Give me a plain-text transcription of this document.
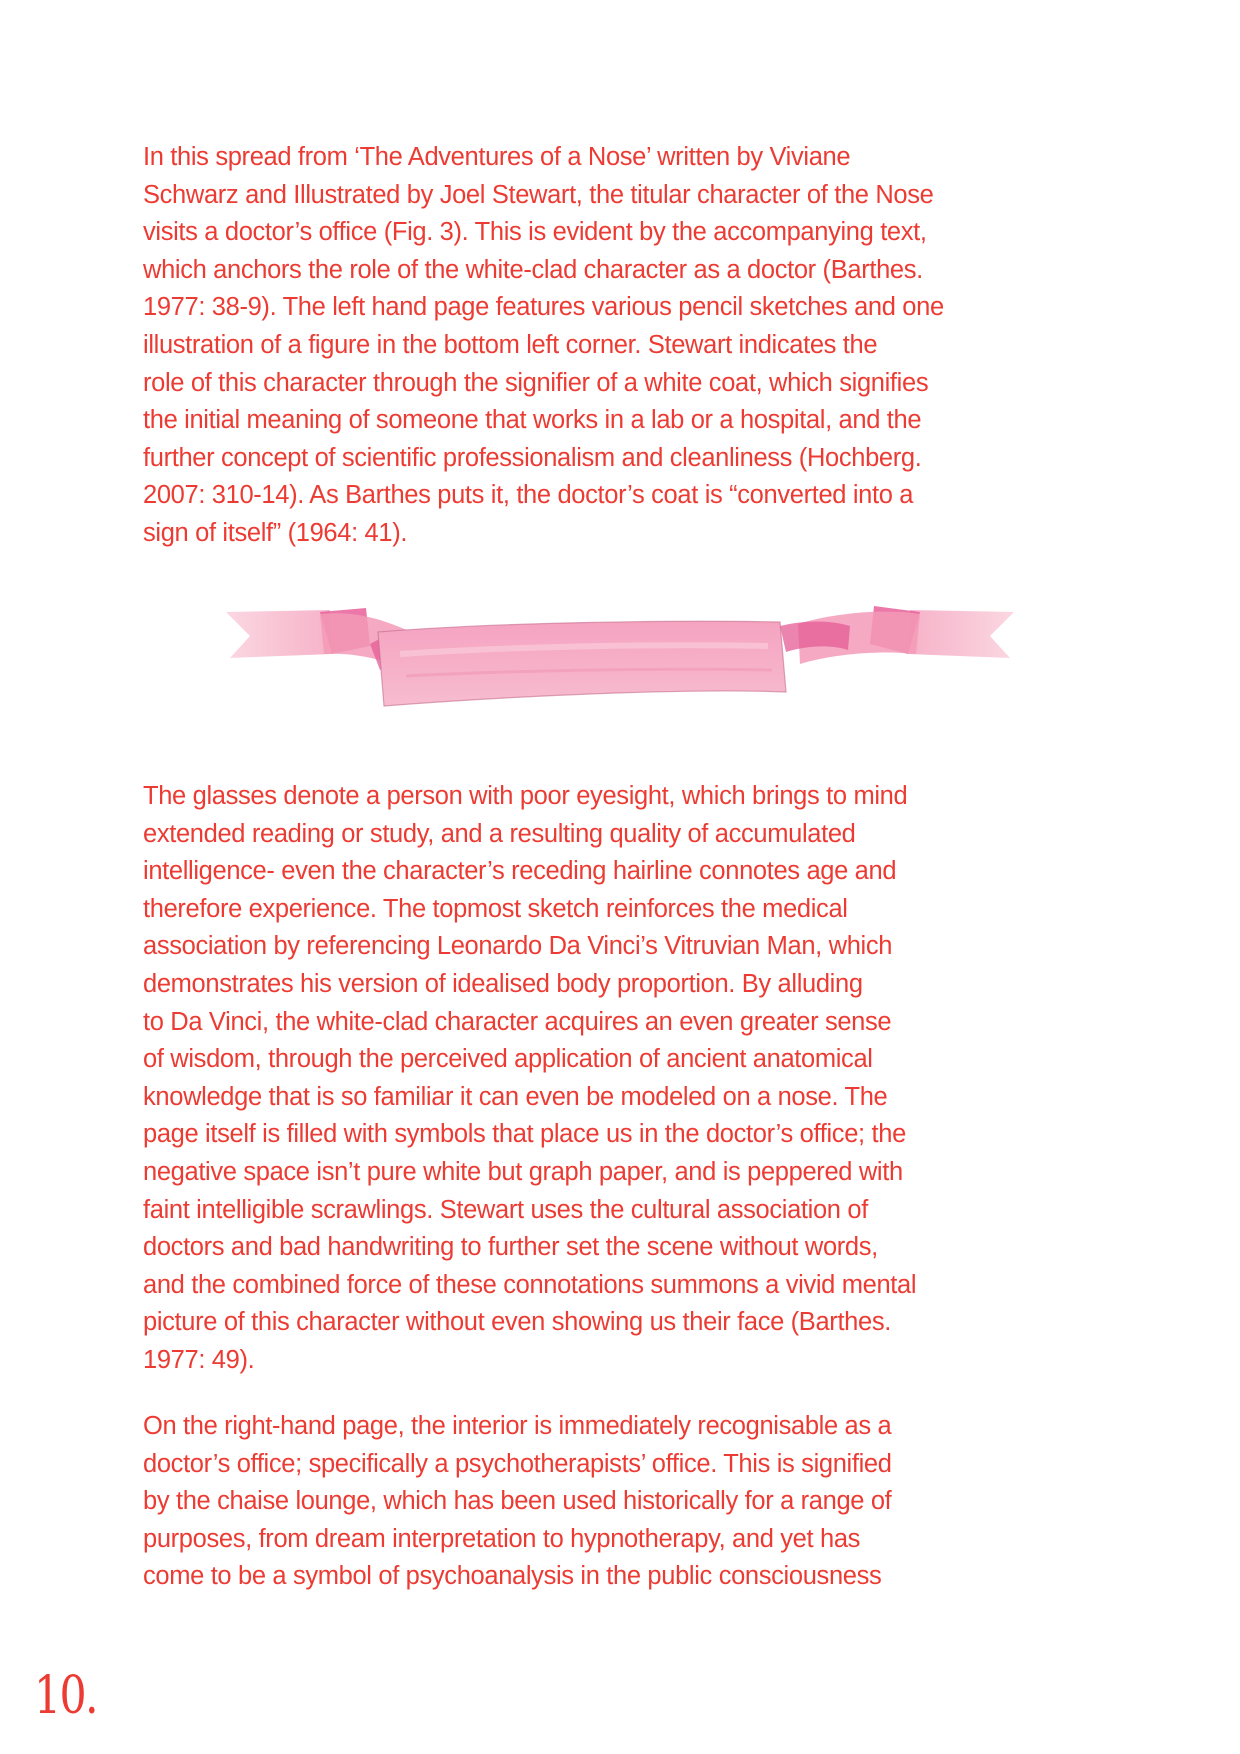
In this spread from ‘The Adventures of a Nose’ written by Viviane
Schwarz and Illustrated by Joel Stewart, the titular character of the Nose
visits a doctor’s office (Fig. 3). This is evident by the accompanying text,
which anchors the role of the white-clad character as a doctor (Barthes.
1977: 38-9). The left hand page features various pencil sketches and one
illustration of a figure in the bottom left corner. Stewart indicates the
role of this character through the signifier of a white coat, which signifies
the initial meaning of someone that works in a lab or a hospital, and the
further concept of scientific professionalism and cleanliness (Hochberg.
2007: 310-14). As Barthes puts it, the doctor’s coat is “converted into a
sign of itself” (1964: 41).

The glasses denote a person with poor eyesight, which brings to mind
extended reading or study, and a resulting quality of accumulated
intelligence- even the character’s receding hairline connotes age and
therefore experience. The topmost sketch reinforces the medical
association by referencing Leonardo Da Vinci’s Vitruvian Man, which
demonstrates his version of idealised body proportion. By alluding
to Da Vinci, the white-clad character acquires an even greater sense
of wisdom, through the perceived application of ancient anatomical
knowledge that is so familiar it can even be modeled on a nose. The
page itself is filled with symbols that place us in the doctor’s office; the
negative space isn’t pure white but graph paper, and is peppered with
faint intelligible scrawlings. Stewart uses the cultural association of
doctors and bad handwriting to further set the scene without words,
and the combined force of these connotations summons a vivid mental
picture of this character without even showing us their face (Barthes.
1977: 49).

On the right-hand page, the interior is immediately recognisable as a
doctor’s office; specifically a psychotherapists’ office. This is signified
by the chaise lounge, which has been used historically for a range of
purposes, from dream interpretation to hypnotherapy, and yet has
come to be a symbol of psychoanalysis in the public consciousness

10.
